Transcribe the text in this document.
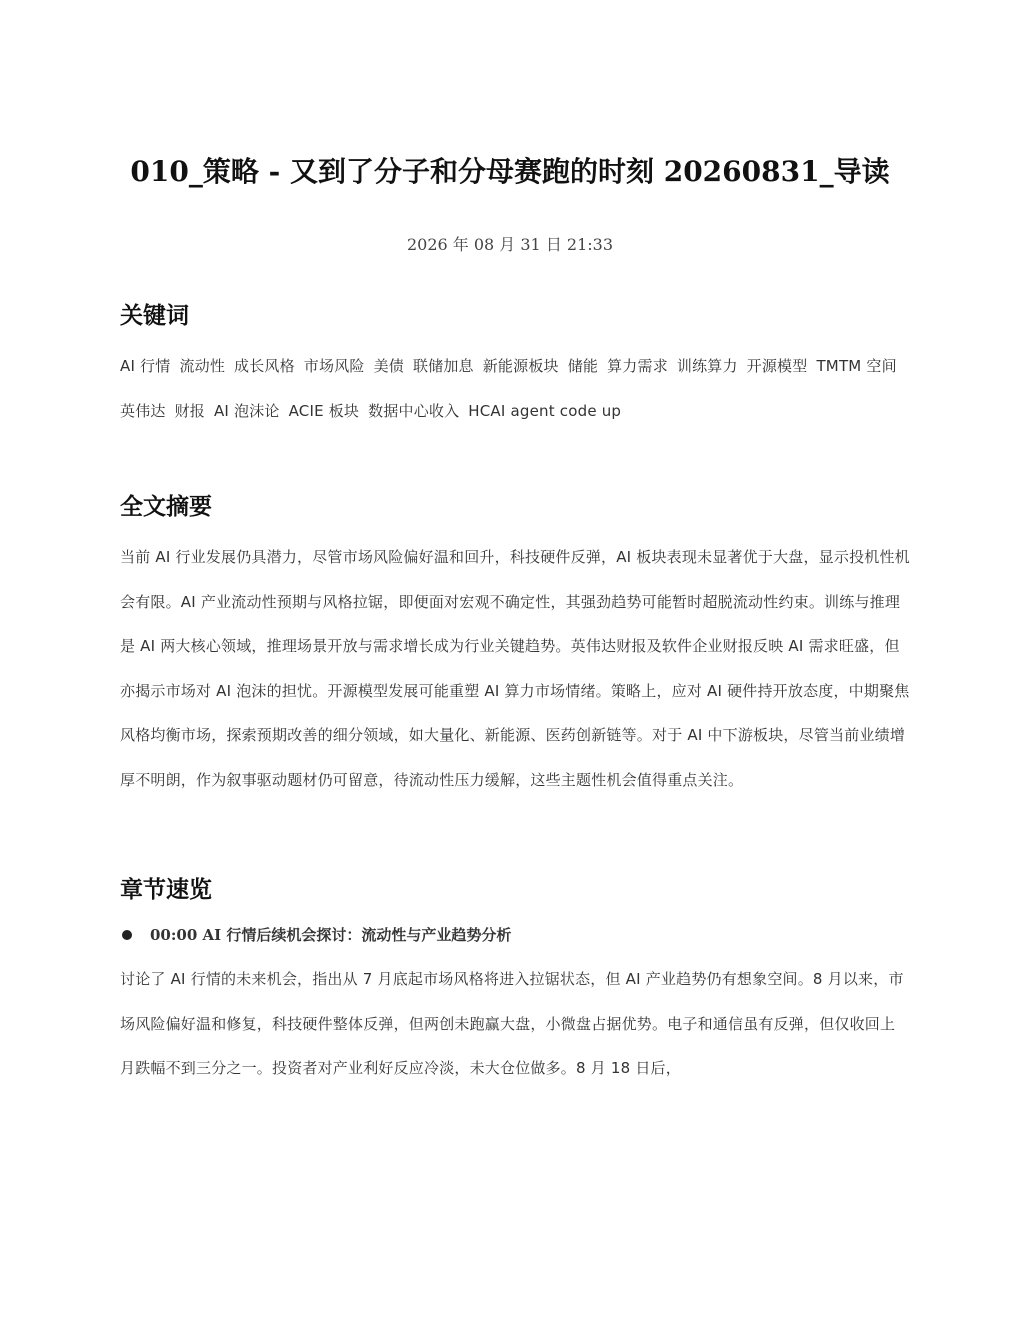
010_策略 - 又到了分子和分母赛跑的时刻 20260831_导读
2026 年 08 月 31 日 21:33
关键词

AI 行情 流动性 成长风格 市场风险 美债 联储加息 新能源板块 储能 算力需求 训练算力 开源模型 TMTM 空间 英伟达 财报 AI 泡沫论 ACIE 板块 数据中心收入 HCAI agent code up

全文摘要

当前 AI 行业发展仍具潜力，尽管市场风险偏好温和回升，科技硬件反弹，AI 板块表现未显著优于大盘，显示投机性机会有限。AI 产业流动性预期与风格拉锯，即便面对宏观不确定性，其强劲趋势可能暂时超脱流动性约束。训练与推理是 AI 两大核心领域，推理场景开放与需求增长成为行业关键趋势。英伟达财报及软件企业财报反映 AI 需求旺盛，但亦揭示市场对 AI 泡沫的担忧。开源模型发展可能重塑 AI 算力市场情绪。策略上，应对 AI 硬件持开放态度，中期聚焦风格均衡市场，探索预期改善的细分领域，如大量化、新能源、医药创新链等。对于 AI 中下游板块，尽管当前业绩增厚不明朗，作为叙事驱动题材仍可留意，待流动性压力缓解，这些主题性机会值得重点关注。

章节速览
00:00 AI 行情后续机会探讨：流动性与产业趋势分析

讨论了 AI 行情的未来机会，指出从 7 月底起市场风格将进入拉锯状态，但 AI 产业趋势仍有想象空间。8 月以来，市场风险偏好温和修复，科技硬件整体反弹，但两创未跑赢大盘，小微盘占据优势。电子和通信虽有反弹，但仅收回上月跌幅不到三分之一。投资者对产业利好反应冷淡，未大仓位做多。8 月 18 日后，
